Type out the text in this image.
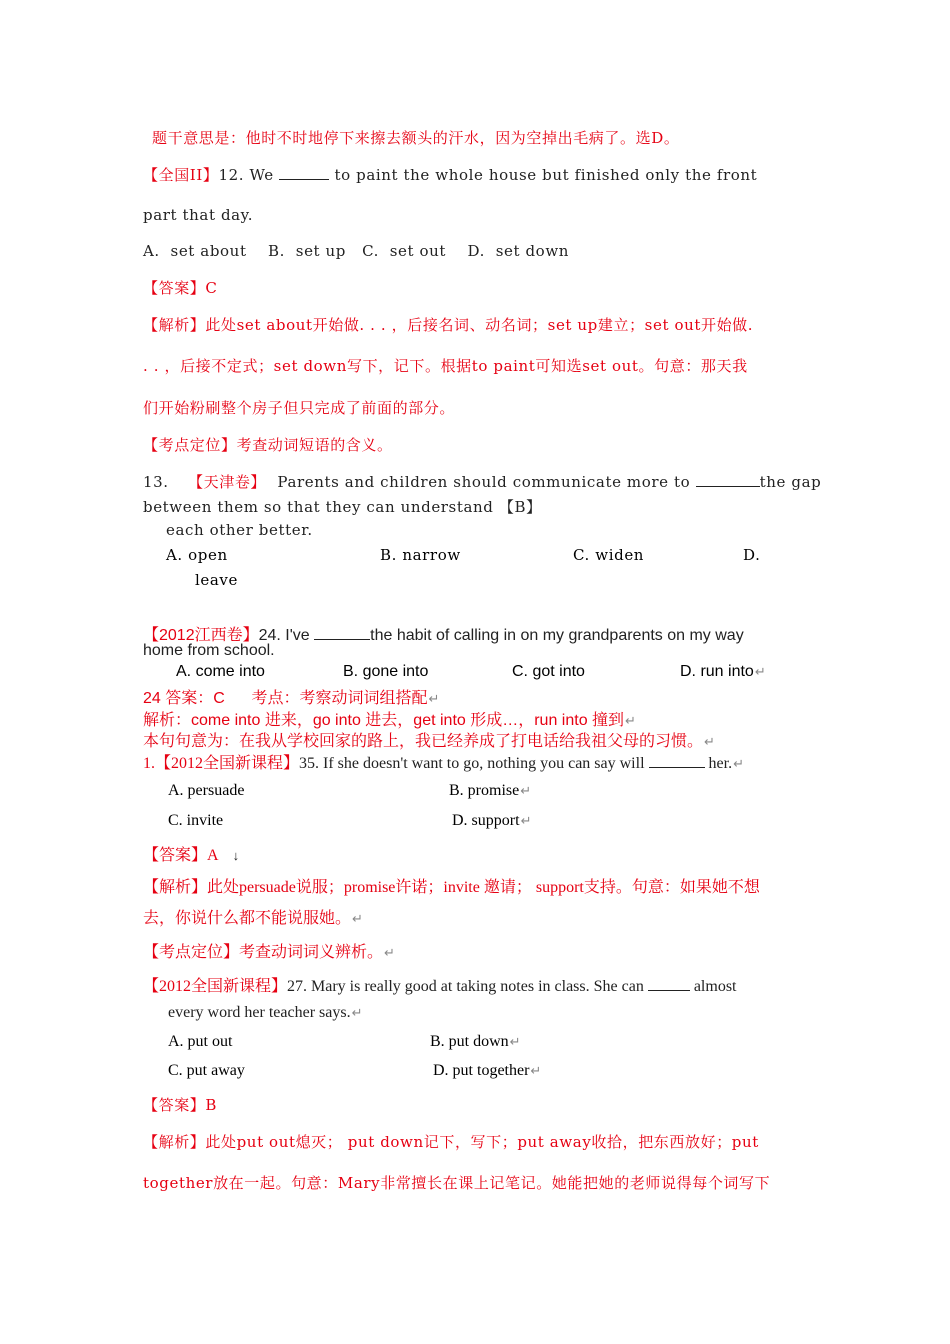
题干意思是：他时不时地停下来擦去额头的汗水，因为空掉出毛病了。选D。
【全国II】12. We	to paint the whole house but finished only the front
part that day.
A.  set about    B.  set up   C.  set out    D.  set down
【答案】C
【解析】此处set about开始做. . . ，后接名词、动名词；set up建立；set out开始做.
. . ，后接不定式；set down写下，记下。根据to paint可知选set out。句意：那天我
们开始粉刷整个房子但只完成了前面的部分。
【考点定位】考查动词短语的含义。
13. 【天津卷】 Parents and children should communicate more to	the gap
between them so that they can understand 【B】
each other better.
A. open	B. narrow	C. widen	D.
leave
【2012江西卷】24. I've	the habit of calling in on my grandparents on my way
home from school.
A. come into	B. gone into	C. got into	D. run into↵
24 答案：C      考点：考察动词词组搭配↵
解析：come into 进来，go into 进去，get into 形成…，run into 撞到↵
本句句意为：在我从学校回家的路上，我已经养成了打电话给我祖父母的习惯。↵
1.【2012全国新课程】35. If she doesn't want to go, nothing you can say will	her.↵
A. persuade	B. promise↵
C. invite	D. support↵
【答案】A ↓
【解析】此处persuade说服；promise许诺；invite 邀请； support支持。句意：如果她不想
去，你说什么都不能说服她。↵
【考点定位】考查动词词义辨析。↵
【2012全国新课程】27. Mary is really good at taking notes in class. She can	almost
every word her teacher says.↵
A. put out	B. put down↵
C. put away	D. put together↵
【答案】B
【解析】此处put out熄灭； put down记下，写下；put away收拾，把东西放好；put
together放在一起。句意：Mary非常擅长在课上记笔记。她能把她的老师说得每个词写下
